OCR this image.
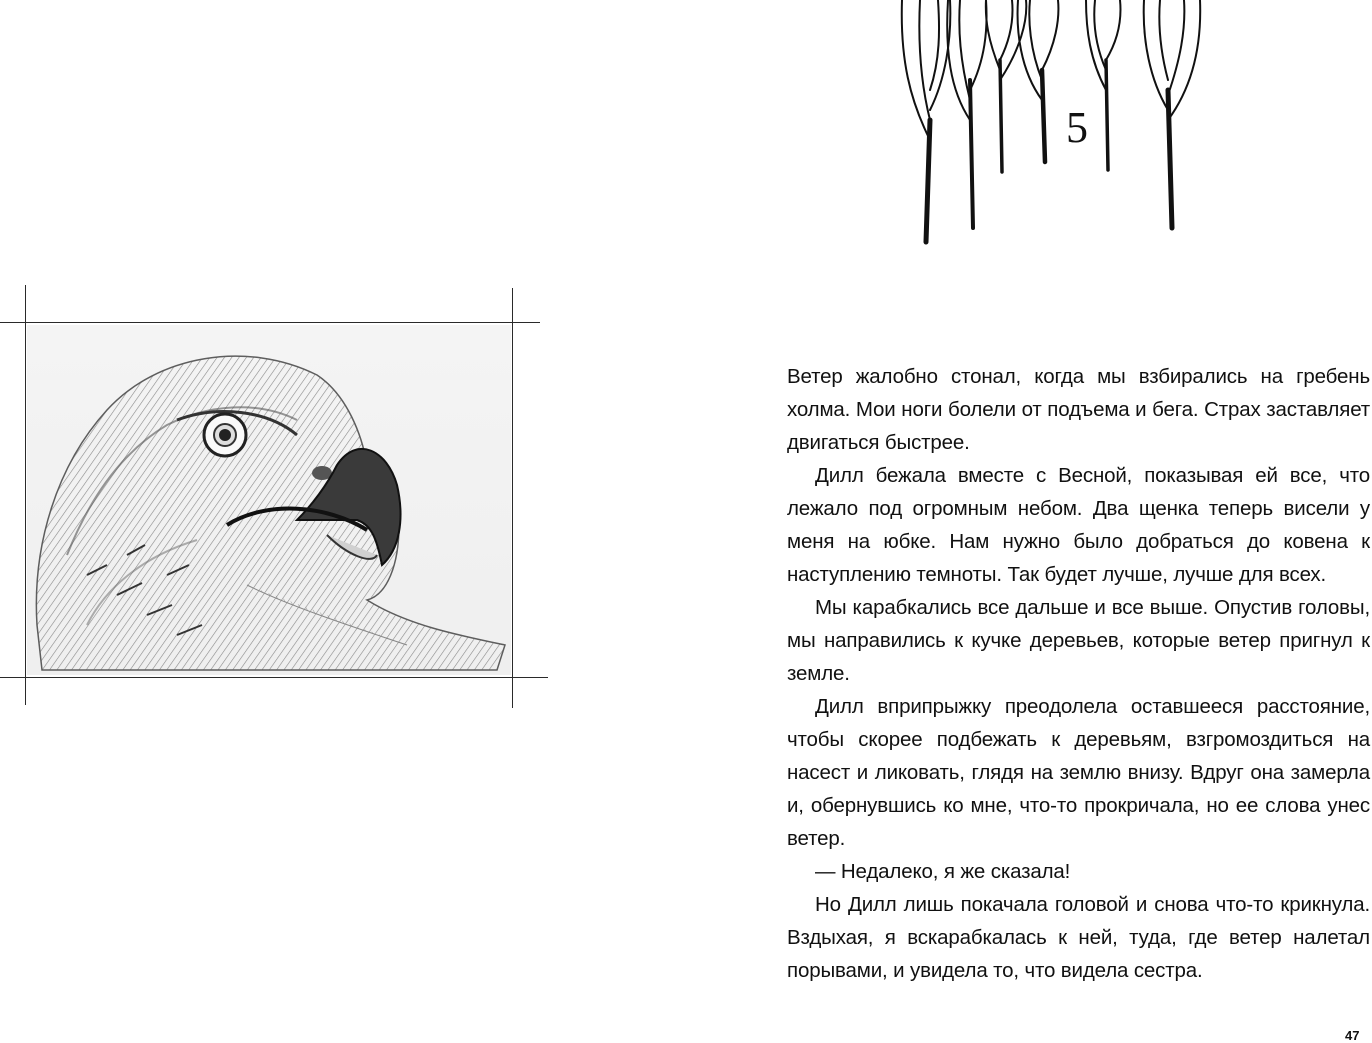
5

Ветер жалобно стонал, когда мы взбирались на гребень холма. Мои ноги болели от подъема и бега. Страх заставляет двигаться быстрее.

Дилл бежала вместе с Весной, показывая ей все, что лежало под огромным небом. Два щенка теперь висели у меня на юбке. Нам нужно было добраться до ковена к наступлению темноты. Так будет лучше, лучше для всех.

Мы карабкались все дальше и все выше. Опустив головы, мы направились к кучке деревьев, которые ветер пригнул к земле.

Дилл вприпрыжку преодолела оставшееся расстояние, чтобы скорее подбежать к деревьям, взгромоздиться на насест и ликовать, глядя на землю внизу. Вдруг она замерла и, обернувшись ко мне, что-то прокричала, но ее слова унес ветер.

— Недалеко, я же сказала!

Но Дилл лишь покачала головой и снова что-то крикнула. Вздыхая, я вскарабкалась к ней, туда, где ветер налетал порывами, и увидела то, что видела сестра.

47
